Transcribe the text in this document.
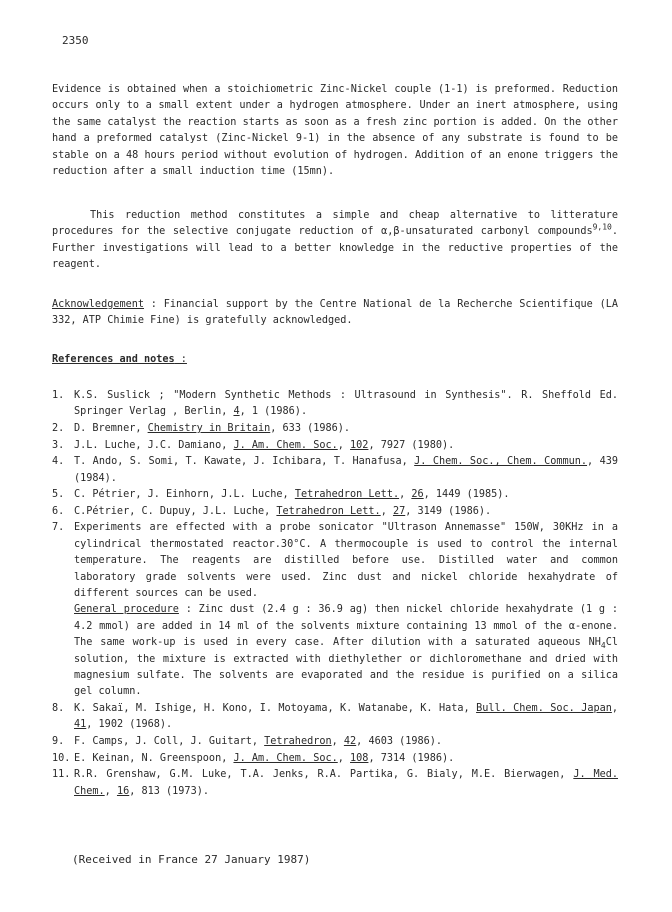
2350
Evidence is obtained when a stoichiometric Zinc-Nickel couple (1-1) is preformed. Reduction occurs only to a small extent under a hydrogen atmosphere. Under an inert atmosphere, using the same catalyst the reaction starts as soon as a fresh zinc portion is added. On the other hand a preformed catalyst (Zinc-Nickel 9-1) in the absence of any substrate is found to be stable on a 48 hours period without evolution of hydrogen. Addition of an enone triggers the reduction after a small induction time (15mn).
This reduction method constitutes a simple and cheap alternative to litterature procedures for the selective conjugate reduction of α,β-unsaturated carbonyl compounds$^{9,10}$. Further investigations will lead to a better knowledge in the reductive properties of the reagent.
Acknowledgement : Financial support by the Centre National de la Recherche Scientifique (LA 332, ATP Chimie Fine) is gratefully acknowledged.
References and notes :
1. K.S. Suslick ; "Modern Synthetic Methods : Ultrasound in Synthesis". R. Sheffold Ed. Springer Verlag , Berlin, 4, 1 (1986).
2. D. Bremner, Chemistry in Britain, 633 (1986).
3. J.L. Luche, J.C. Damiano, J. Am. Chem. Soc., 102, 7927 (1980).
4. T. Ando, S. Somi, T. Kawate, J. Ichibara, T. Hanafusa, J. Chem. Soc., Chem. Commun., 439 (1984).
5. C. Pétrier, J. Einhorn, J.L. Luche, Tetrahedron Lett., 26, 1449 (1985).
6. C.Pétrier, C. Dupuy, J.L. Luche, Tetrahedron Lett., 27, 3149 (1986).
7. Experiments are effected with a probe sonicator "Ultrason Annemasse" 150W, 30KHz in a cylindrical thermostated reactor.30°C. A thermocouple is used to control the internal temperature. The reagents are distilled before use. Distilled water and common laboratory grade solvents were used. Zinc dust and nickel chloride hexahydrate of different sources can be used.
General procedure : Zinc dust (2.4 g : 36.9 ag) then nickel chloride hexahydrate (1 g : 4.2 mmol) are added in 14 ml of the solvents mixture containing 13 mmol of the α-enone. The same work-up is used in every case. After dilution with a saturated aqueous $NH_4Cl$ solution, the mixture is extracted with diethylether or dichloromethane and dried with magnesium sulfate. The solvents are evaporated and the residue is purified on a silica gel column.
8. K. Sakaï, M. Ishige, H. Kono, I. Motoyama, K. Watanabe, K. Hata, Bull. Chem. Soc. Japan, 41, 1902 (1968).
9. F. Camps, J. Coll, J. Guitart, Tetrahedron, 42, 4603 (1986).
10. E. Keinan, N. Greenspoon, J. Am. Chem. Soc., 108, 7314 (1986).
11. R.R. Grenshaw, G.M. Luke, T.A. Jenks, R.A. Partika, G. Bialy, M.E. Bierwagen, J. Med. Chem., 16, 813 (1973).
(Received in France 27 January 1987)
